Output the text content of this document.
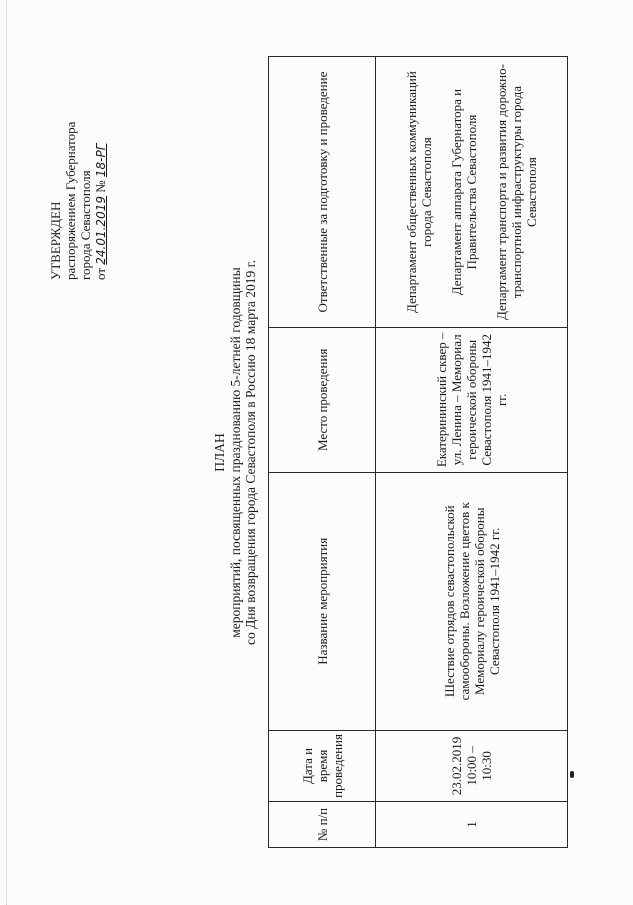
УТВЕРЖДЕН распоряжением Губернатора города Севастополя от 24.01.2019 № 18-РГ
ПЛАН мероприятий, посвященных празднованию 5-летней годовщины со Дня возвращения города Севастополя в Россию 18 марта 2019 г.
№ п/п	Дата и время проведения	Название мероприятия	Место проведения	Ответственные за подготовку и проведение
1	23.02.2019 10:00 – 10:30	Шествие отрядов севастопольской самообороны. Возложение цветов к Мемориалу героической обороны Севастополя 1941–1942 гг.	Екатерининский сквер – ул. Ленина – Мемориал героической обороны Севастополя 1941–1942 гг.	Департамент общественных коммуникаций города Севастополя Департамент аппарата Губернатора и Правительства Севастополя Департамент транспорта и развития дорожно-транспортной инфраструктуры города Севастополя
